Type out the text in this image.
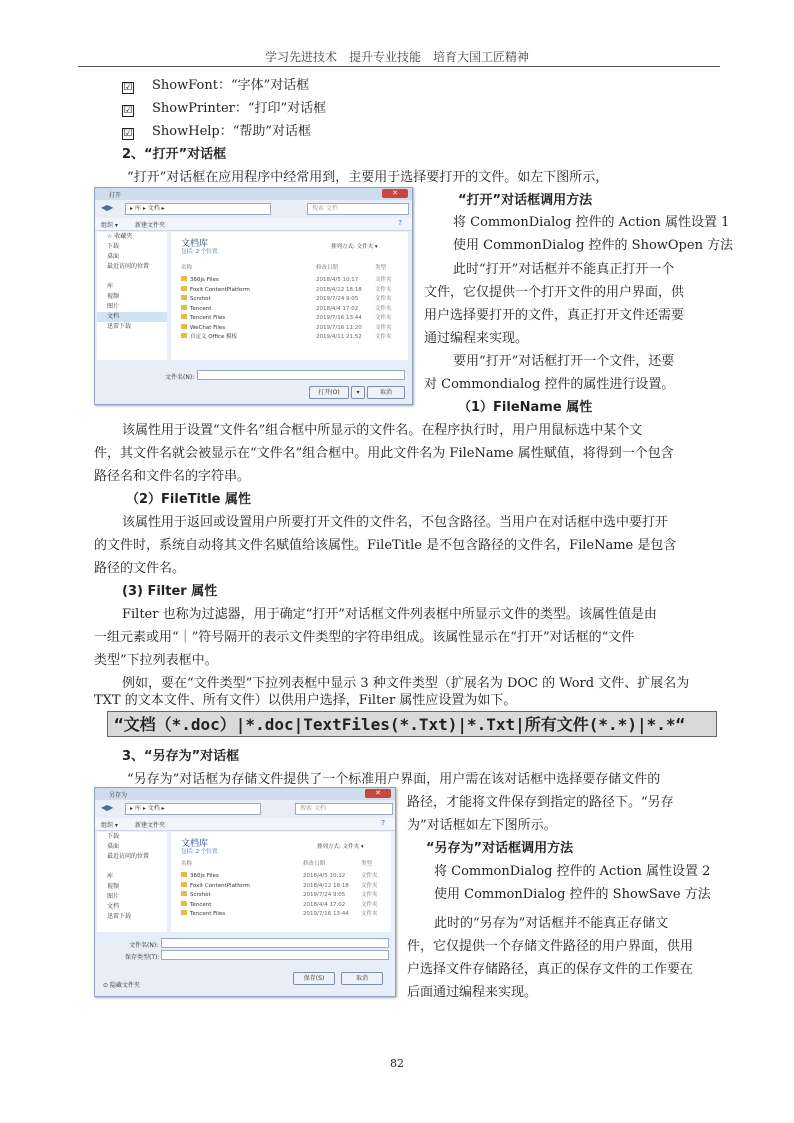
学习先进技术　提升专业技能　培育大国工匠精神
☑ ShowFont：“字体”对话框
☑ ShowPrinter：“打印”对话框
☑ ShowHelp：“帮助”对话框
2、“打开”对话框
“打开”对话框在应用程序中经常用到，主要用于选择要打开的文件。如左下图所示，
打开	✕
◀▶	▸ 库 ▸ 文档 ▸	搜索 文档
组织 ▾	新建文件夹	?
☆ 收藏夹
下载
桌面
最近访问的位置
库
视频
图片
文档
迅雷下载
文档库
包括: 2 个位置
排列方式: 文件夹 ▾
名称	修改日期	类型
360js Files	2018/4/5 10:17	文件夹
Foxit ContentPlatform	2018/4/12 18:18 文件夹
Scrshot	2019/7/24 9:05	文件夹
Tencent	2018/4/4 17:02	文件夹
Tencent Files	2019/7/16 13:44 文件夹
WeChat Files	2019/7/16 11:20 文件夹
自定义 Office 模板	2019/4/11 21:52 文件夹
文件名(N):
打开(O)	▾	取消
“打开”对话框调用方法
将 CommonDialog 控件的 Action 属性设置 1
使用 CommonDialog 控件的 ShowOpen 方法
此时“打开”对话框并不能真正打开一个
文件，它仅提供一个打开文件的用户界面，供
用户选择要打开的文件，真正打开文件还需要
通过编程来实现。
要用“打开”对话框打开一个文件，还要
对 Commondialog 控件的属性进行设置。
（1）FileName 属性
该属性用于设置“文件名”组合框中所显示的文件名。在程序执行时，用户用鼠标选中某个文
件，其文件名就会被显示在“文件名”组合框中。用此文件名为 FileName 属性赋值，将得到一个包含
路径名和文件名的字符串。
（2）FileTitle 属性
该属性用于返回或设置用户所要打开文件的文件名，不包含路径。当用户在对话框中选中要打开
的文件时，系统自动将其文件名赋值给该属性。FileTitle 是不包含路径的文件名，FileName 是包含
路径的文件名。
(3) Filter 属性
Filter 也称为过滤器，用于确定“打开”对话框文件列表框中所显示文件的类型。该属性值是由
一组元素或用“｜”符号隔开的表示文件类型的字符串组成。该属性显示在“打开”对话框的“文件
类型”下拉列表框中。
例如，要在“文件类型”下拉列表框中显示 3 种文件类型（扩展名为 DOC 的 Word 文件、扩展名为
TXT 的文本文件、所有文件）以供用户选择，Filter 属性应设置为如下。
“文档（*.doc）|*.doc|TextFiles(*.Txt)|*.Txt|所有文件(*.*)|*.*“
3、“另存为”对话框
“另存为”对话框为存储文件提供了一个标准用户界面，用户需在该对话框中选择要存储文件的
另存为	✕
◀▶	▸ 库 ▸ 文档 ▸	搜索 文档
组织 ▾	新建文件夹	?
下载
桌面
最近访问的位置
库
视频
图片
文档
迅雷下载
文档库
包括: 2 个位置
排列方式: 文件夹 ▾
名称	修改日期	类型
360js Files	2018/4/5 10:12	文件夹
Foxit ContentPlatform	2018/4/12 18:18 文件夹
Scrshot	2019/7/24 9:05	文件夹
Tencent	2018/4/4 17:02	文件夹
Tencent Files	2019/7/16 13:44 文件夹
文件名(N):
保存类型(T):
⊙ 隐藏文件夹
保存(S)	取消
路径，才能将文件保存到指定的路径下。“另存
为”对话框如左下图所示。
“另存为”对话框调用方法
将 CommonDialog 控件的 Action 属性设置 2
使用 CommonDialog 控件的 ShowSave 方法
此时的“另存为”对话框并不能真正存储文
件，它仅提供一个存储文件路径的用户界面，供用
户选择文件存储路径，真正的保存文件的工作要在
后面通过编程来实现。
82
